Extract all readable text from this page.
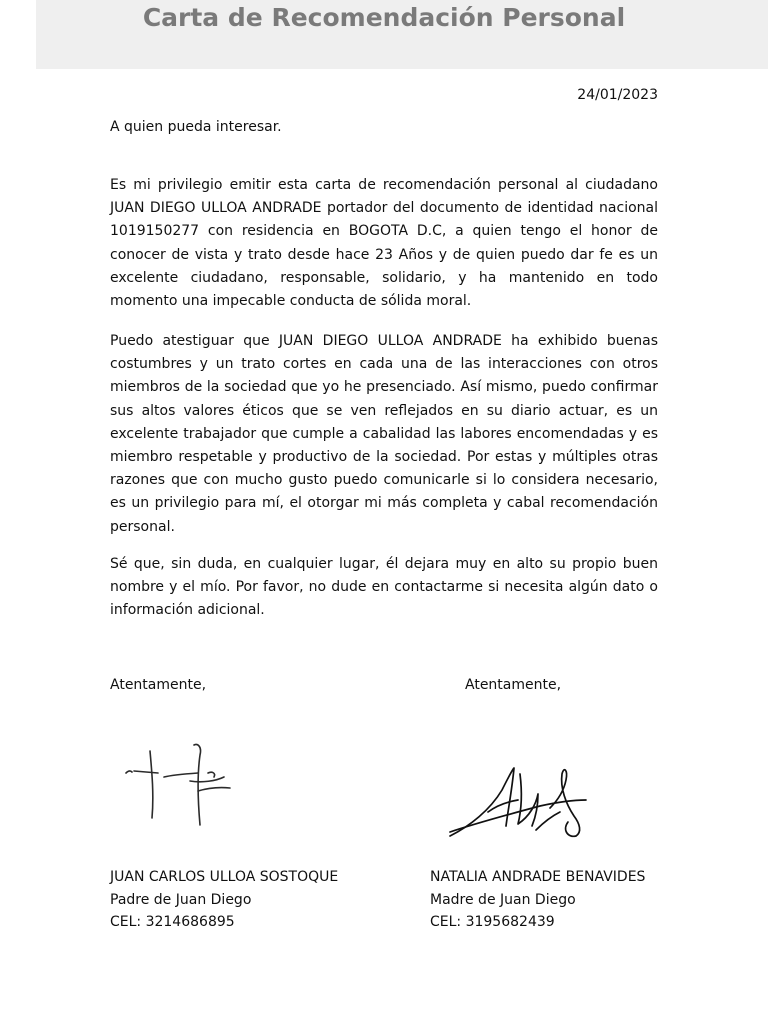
Carta de Recomendación Personal
24/01/2023
A quien pueda interesar.

Es mi privilegio emitir esta carta de recomendación personal al ciudadano JUAN DIEGO ULLOA ANDRADE portador del documento de identidad nacional 1019150277 con residencia en BOGOTA D.C, a quien tengo el honor de conocer de vista y trato desde hace 23 Años y de quien puedo dar fe es un excelente ciudadano, responsable, solidario, y ha mantenido en todo momento una impecable conducta de sólida moral.

Puedo atestiguar que JUAN DIEGO ULLOA ANDRADE ha exhibido buenas costumbres y un trato cortes en cada una de las interacciones con otros miembros de la sociedad que yo he presenciado. Así mismo, puedo confirmar sus altos valores éticos que se ven reflejados en su diario actuar, es un excelente trabajador que cumple a cabalidad las labores encomendadas y es miembro respetable y productivo de la sociedad. Por estas y múltiples otras razones que con mucho gusto puedo comunicarle si lo considera necesario, es un privilegio para mí, el otorgar mi más completa y cabal recomendación personal.

Sé que, sin duda, en cualquier lugar, él dejara muy en alto su propio buen nombre y el mío. Por favor, no dude en contactarme si necesita algún dato o información adicional.

Atentamente,	Atentamente,
JUAN CARLOS ULLOA SOSTOQUE
Padre de Juan Diego
CEL: 3214686895
NATALIA ANDRADE BENAVIDES
Madre de Juan Diego
CEL: 3195682439
